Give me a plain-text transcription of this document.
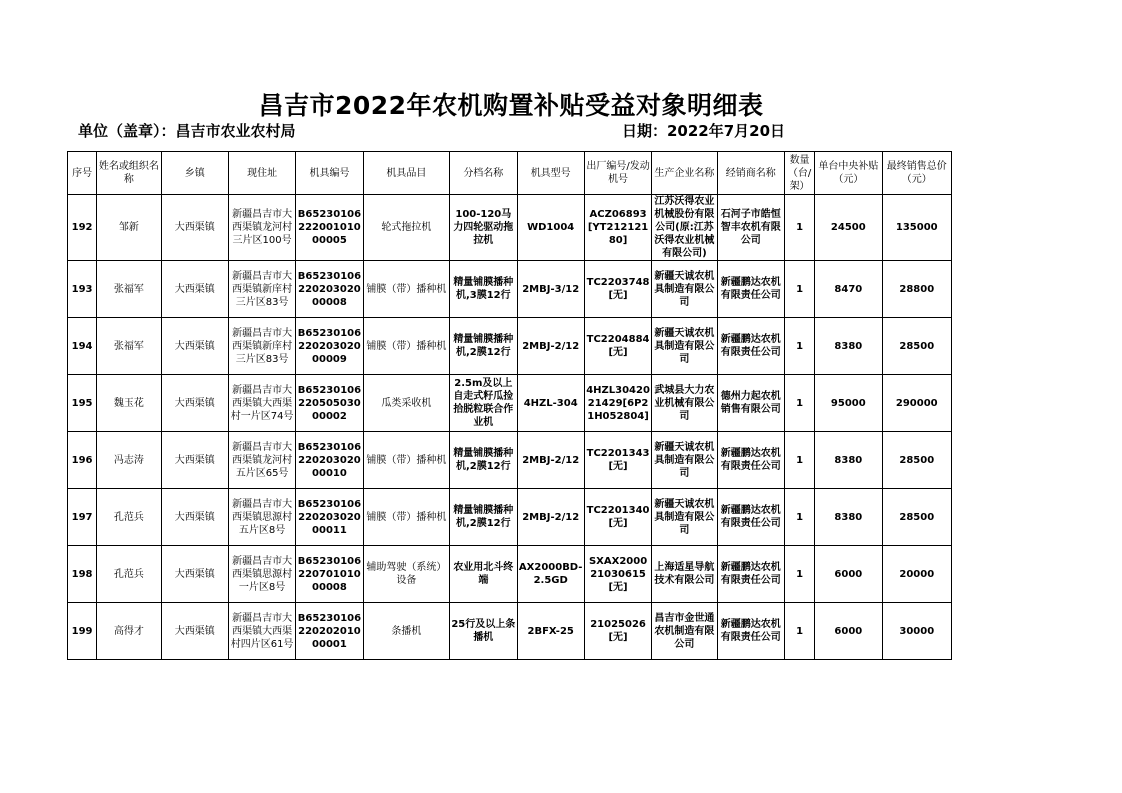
昌吉市2022年农机购置补贴受益对象明细表
单位（盖章）：昌吉市农业农村局	日期：2022年7月20日
序号	姓名或组织名称	乡镇	现住址	机具编号	机具品目	分档名称	机具型号	出厂编号/发动机号	生产企业名称	经销商名称	数量（台/架）	单台中央补贴（元）	最终销售总价（元）
192	邹新	大西渠镇	新疆昌吉市大西渠镇龙河村三片区100号	B6523010622200101000005	轮式拖拉机	100-120马力四轮驱动拖拉机	WD1004	ACZ06893[YT21212180]	江苏沃得农业机械股份有限公司(原:江苏沃得农业机械有限公司)	石河子市皓恒智丰农机有限公司	1	24500	135000
193	张福军	大西渠镇	新疆昌吉市大西渠镇新庠村三片区83号	B6523010622020302000008	铺膜（带）播种机	精量铺膜播种机,3膜12行	2MBJ-3/12	TC2203748[无]	新疆天诚农机具制造有限公司	新疆鹏达农机有限责任公司	1	8470	28800
194	张福军	大西渠镇	新疆昌吉市大西渠镇新庠村三片区83号	B6523010622020302000009	铺膜（带）播种机	精量铺膜播种机,2膜12行	2MBJ-2/12	TC2204884[无]	新疆天诚农机具制造有限公司	新疆鹏达农机有限责任公司	1	8380	28500
195	魏玉花	大西渠镇	新疆昌吉市大西渠镇大西渠村一片区74号	B6523010622050503000002	瓜类采收机	2.5m及以上自走式籽瓜捡拾脱粒联合作业机	4HZL-304	4HZL3042021429[6P21H052804]	武城县大力农业机械有限公司	德州力起农机销售有限公司	1	95000	290000
196	冯志涛	大西渠镇	新疆昌吉市大西渠镇龙河村五片区65号	B6523010622020302000010	铺膜（带）播种机	精量铺膜播种机,2膜12行	2MBJ-2/12	TC2201343[无]	新疆天诚农机具制造有限公司	新疆鹏达农机有限责任公司	1	8380	28500
197	孔范兵	大西渠镇	新疆昌吉市大西渠镇思源村五片区8号	B6523010622020302000011	铺膜（带）播种机	精量铺膜播种机,2膜12行	2MBJ-2/12	TC2201340[无]	新疆天诚农机具制造有限公司	新疆鹏达农机有限责任公司	1	8380	28500
198	孔范兵	大西渠镇	新疆昌吉市大西渠镇思源村一片区8号	B6523010622070101000008	辅助驾驶（系统）设备	农业用北斗终端	AX2000BD-2.5GD	SXAX200021030615[无]	上海适星导航技术有限公司	新疆鹏达农机有限责任公司	1	6000	20000
199	高得才	大西渠镇	新疆昌吉市大西渠镇大西渠村四片区61号	B6523010622020201000001	条播机	25行及以上条播机	2BFX-25	21025026[无]	昌吉市金世通农机制造有限公司	新疆鹏达农机有限责任公司	1	6000	30000
